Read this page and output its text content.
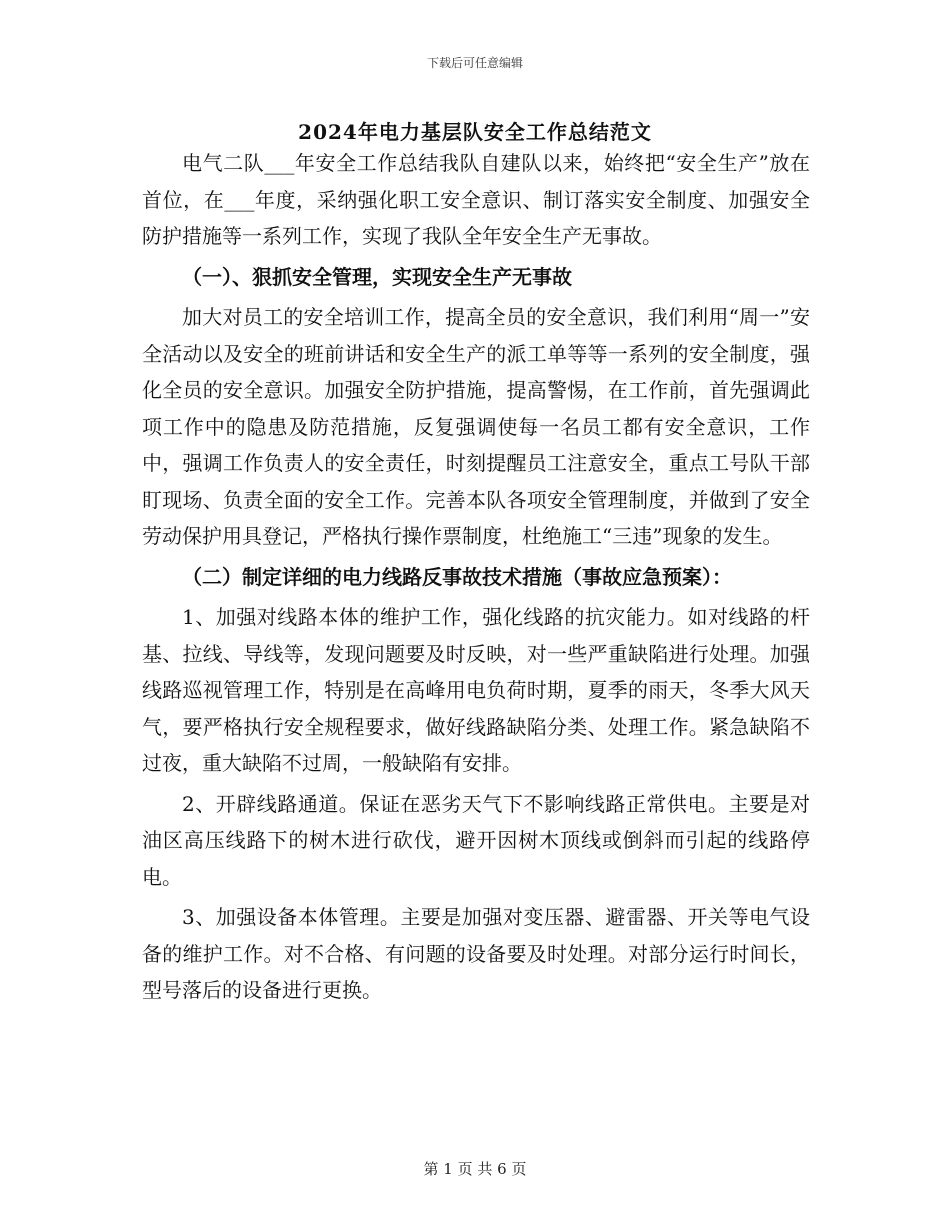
下载后可任意编辑
2024年电力基层队安全工作总结范文

电气二队___年安全工作总结我队自建队以来，始终把“安全生产”放在首位，在___年度，采纳强化职工安全意识、制订落实安全制度、加强安全防护措施等一系列工作，实现了我队全年安全生产无事故。

（一）、狠抓安全管理，实现安全生产无事故

加大对员工的安全培训工作，提高全员的安全意识，我们利用“周一”安全活动以及安全的班前讲话和安全生产的派工单等等一系列的安全制度，强化全员的安全意识。加强安全防护措施，提高警惕，在工作前，首先强调此项工作中的隐患及防范措施，反复强调使每一名员工都有安全意识，工作中，强调工作负责人的安全责任，时刻提醒员工注意安全，重点工号队干部盯现场、负责全面的安全工作。完善本队各项安全管理制度，并做到了安全劳动保护用具登记，严格执行操作票制度，杜绝施工“三违”现象的发生。

（二）制定详细的电力线路反事故技术措施（事故应急预案）：

1、加强对线路本体的维护工作，强化线路的抗灾能力。如对线路的杆基、拉线、导线等，发现问题要及时反映，对一些严重缺陷进行处理。加强线路巡视管理工作，特别是在高峰用电负荷时期，夏季的雨天，冬季大风天气，要严格执行安全规程要求，做好线路缺陷分类、处理工作。紧急缺陷不过夜，重大缺陷不过周，一般缺陷有安排。

2、开辟线路通道。保证在恶劣天气下不影响线路正常供电。主要是对油区高压线路下的树木进行砍伐，避开因树木顶线或倒斜而引起的线路停电。

3、加强设备本体管理。主要是加强对变压器、避雷器、开关等电气设备的维护工作。对不合格、有问题的设备要及时处理。对部分运行时间长，型号落后的设备进行更换。

第 1 页 共 6 页
